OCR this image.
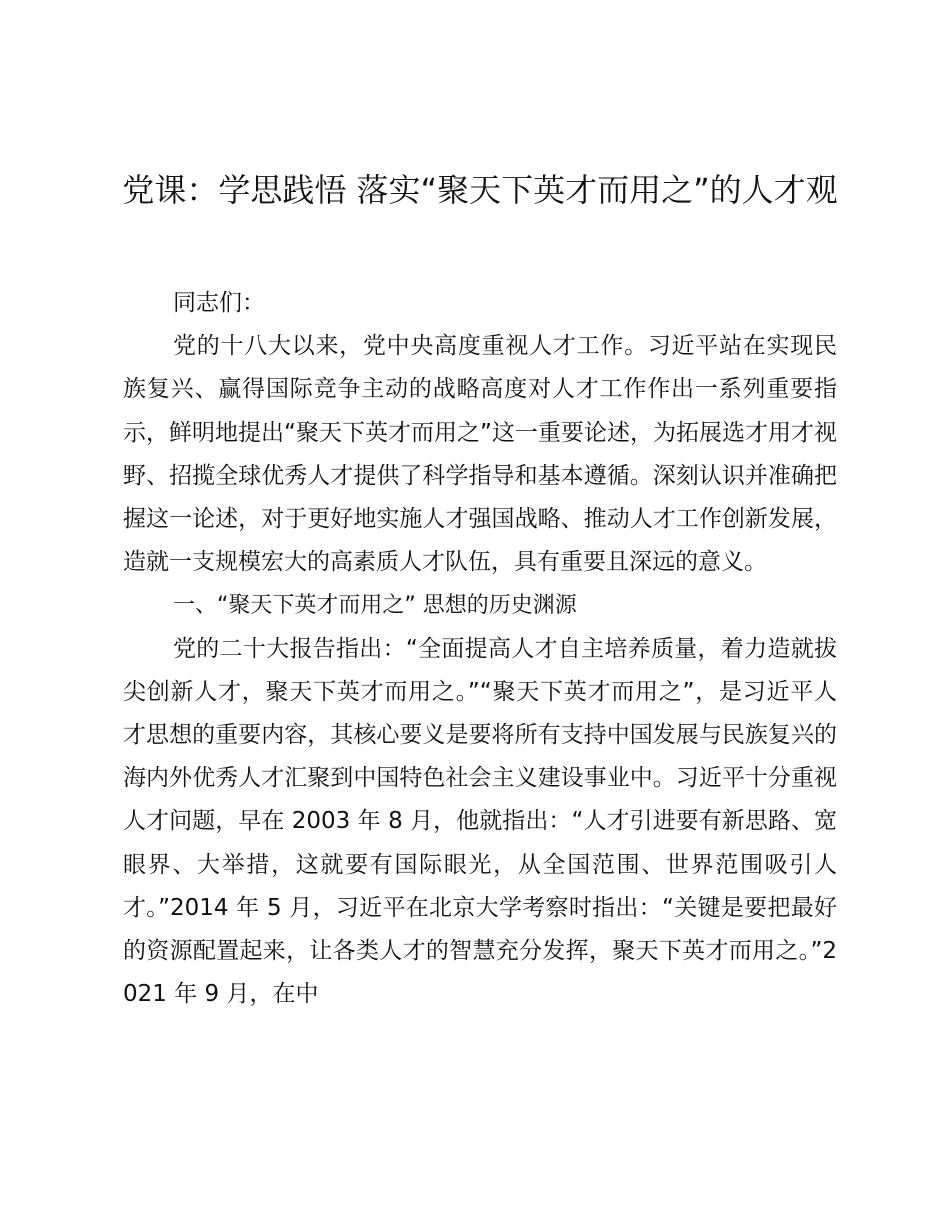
党课：学思践悟 落实“聚天下英才而用之”的人才观

同志们：

党的十八大以来，党中央高度重视人才工作。习近平站在实现民族复兴、赢得国际竞争主动的战略高度对人才工作作出一系列重要指示，鲜明地提出“聚天下英才而用之”这一重要论述，为拓展选才用才视野、招揽全球优秀人才提供了科学指导和基本遵循。深刻认识并准确把握这一论述，对于更好地实施人才强国战略、推动人才工作创新发展，造就一支规模宏大的高素质人才队伍，具有重要且深远的意义。

一、“聚天下英才而用之” 思想的历史渊源

党的二十大报告指出：“全面提高人才自主培养质量，着力造就拔尖创新人才，聚天下英才而用之。”“聚天下英才而用之”，是习近平人才思想的重要内容，其核心要义是要将所有支持中国发展与民族复兴的海内外优秀人才汇聚到中国特色社会主义建设事业中。习近平十分重视人才问题，早在 2003 年 8 月，他就指出：“人才引进要有新思路、宽眼界、大举措，这就要有国际眼光，从全国范围、世界范围吸引人才。”2014 年 5 月，习近平在北京大学考察时指出：“关键是要把最好的资源配置起来，让各类人才的智慧充分发挥，聚天下英才而用之。”2021 年 9 月，在中
